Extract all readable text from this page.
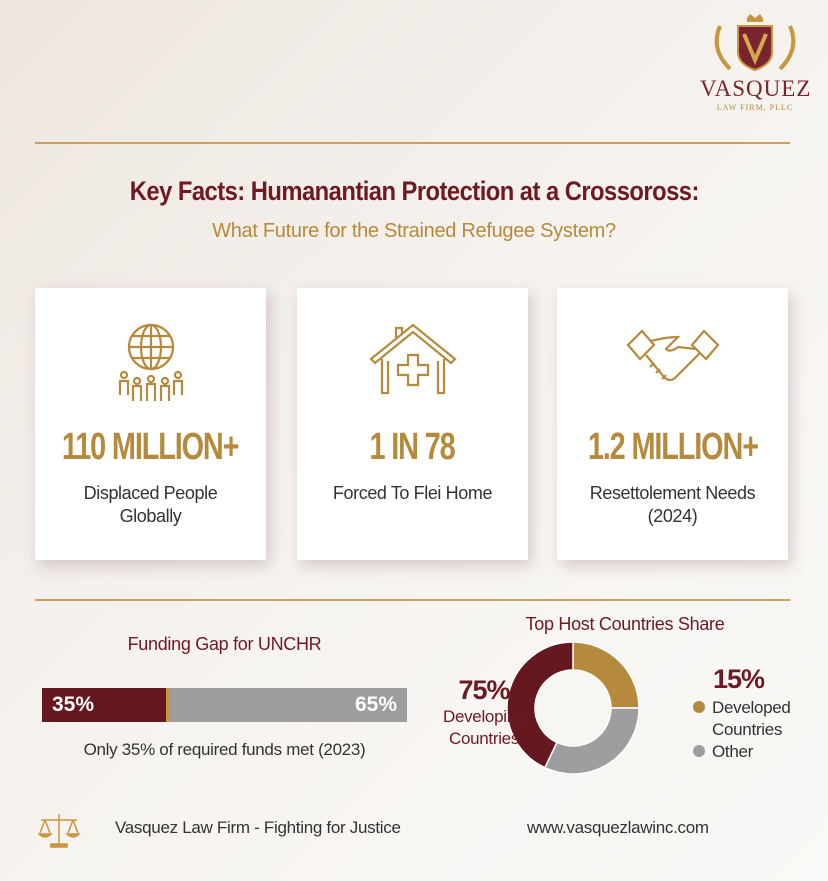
VASQUEZ
LAW FIRM, PLLC
Key Facts: Humanantian Protection at a Crossoross:
What Future for the Strained Refugee System?
110 MILLION+
Displaced People
Globally
1 IN 78
Forced To Flei Home
1.2 MILLION+
Resettolement Needs
(2024)
Funding Gap for UNCHR
35%	65%
Only 35% of required funds met (2023)
Top Host Countries Share
75%
Developing
Countries
15%
Developed
Countries
Other
Vasquez Law Firm - Fighting for Justice	www.vasquezlawinc.com
